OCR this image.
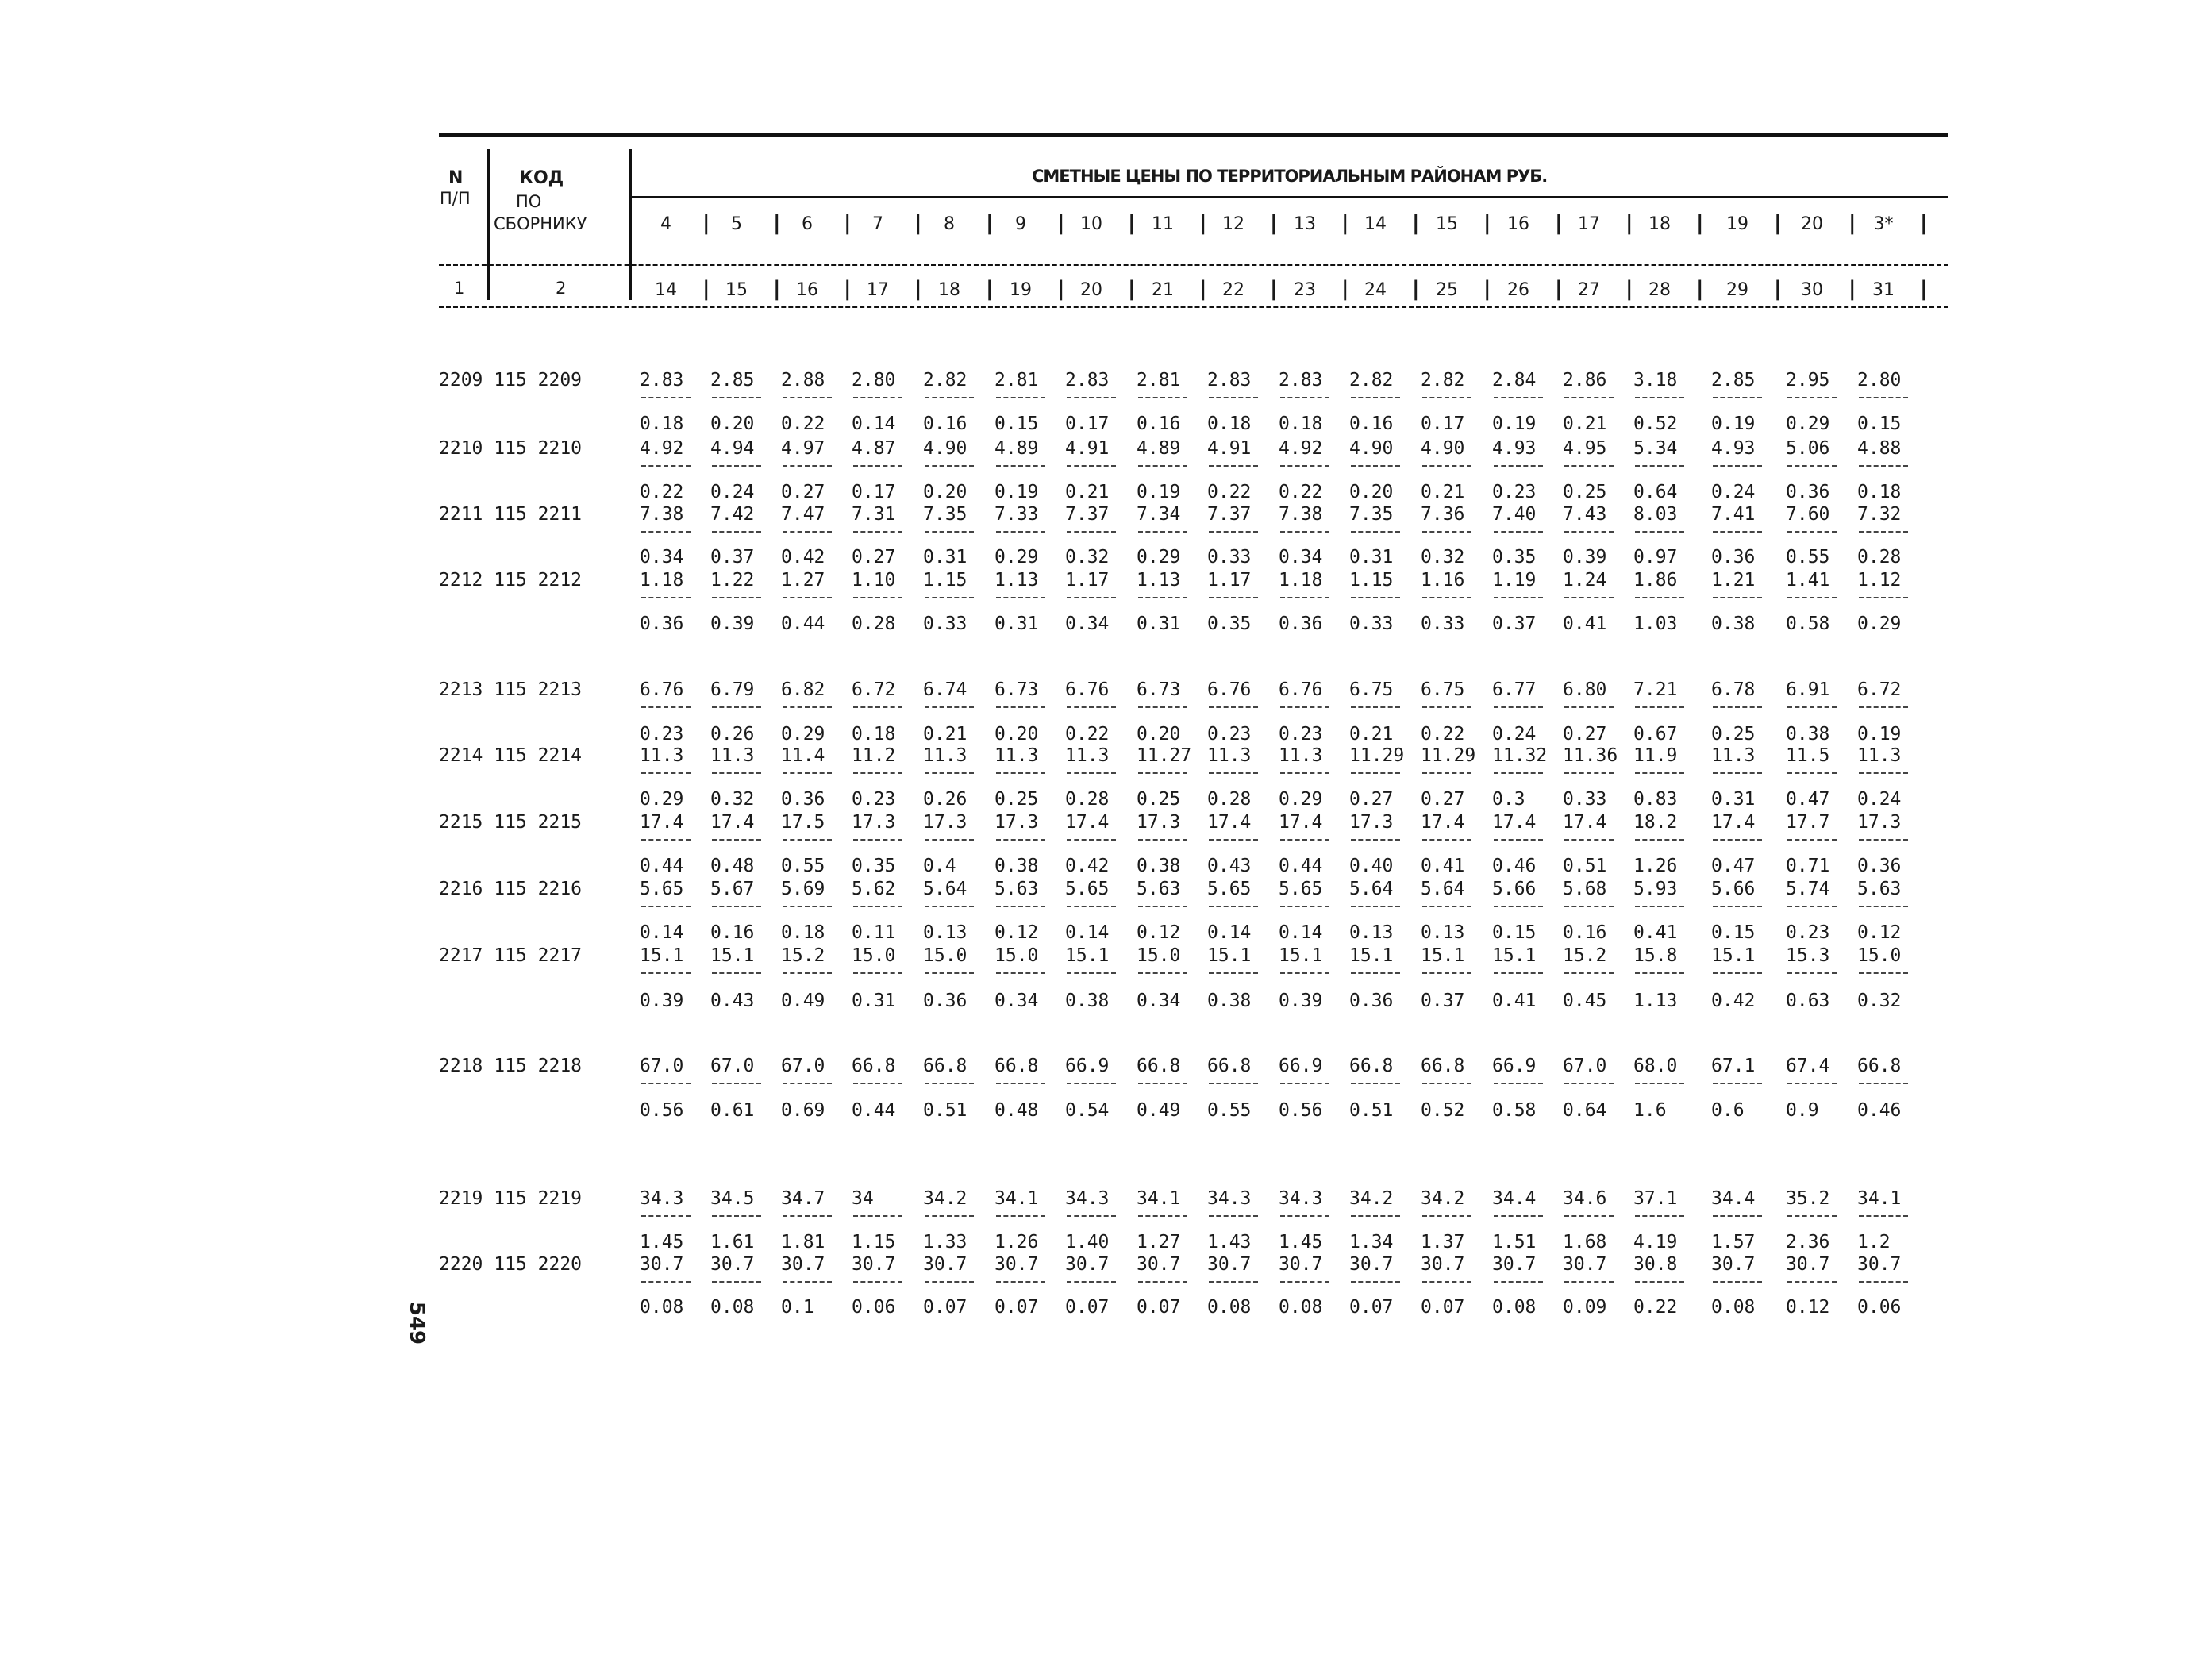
N
П/П
КОД
ПО
СБОРНИКУ
СМЕТНЫЕ ЦЕНЫ ПО ТЕРРИТОРИАЛЬНЫМ РАЙОНАМ РУБ.
4	|	5	|	6	|	7	|	8	|	9	| 10	| 11	| 12	| 13	| 14	| 15	| 16	| 17	| 18	|	19	|	20	|	3*	|
1	2	14	| 15	| 16	| 17	| 18	| 19	| 20	| 21	| 22	| 23	| 24	| 25	| 26	| 27	| 28	|	29	|	30	| 31	|
2209 115 2209	2.83	2.85	2.88	2.80	2.82	2.81	2.83	2.81	2.83	2.83	2.82	2.82	2.84	2.86	3.18	2.85	2.95	2.80
0.18	0.20	0.22	0.14	0.16	0.15	0.17	0.16	0.18	0.18	0.16	0.17	0.19	0.21	0.52	0.19	0.29	0.15
2210 115 2210	4.92	4.94	4.97	4.87	4.90	4.89	4.91	4.89	4.91	4.92	4.90	4.90	4.93	4.95	5.34	4.93	5.06	4.88
0.22	0.24	0.27	0.17	0.20	0.19	0.21	0.19	0.22	0.22	0.20	0.21	0.23	0.25	0.64	0.24	0.36	0.18
2211 115 2211	7.38	7.42	7.47	7.31	7.35	7.33	7.37	7.34	7.37	7.38	7.35	7.36	7.40	7.43	8.03	7.41	7.60	7.32
0.34	0.37	0.42	0.27	0.31	0.29	0.32	0.29	0.33	0.34	0.31	0.32	0.35	0.39	0.97	0.36	0.55	0.28
2212 115 2212	1.18	1.22	1.27	1.10	1.15	1.13	1.17	1.13	1.17	1.18	1.15	1.16	1.19	1.24	1.86	1.21	1.41	1.12
0.36	0.39	0.44	0.28	0.33	0.31	0.34	0.31	0.35	0.36	0.33	0.33	0.37	0.41	1.03	0.38	0.58	0.29
2213 115 2213	6.76	6.79	6.82	6.72	6.74	6.73	6.76	6.73	6.76	6.76	6.75	6.75	6.77	6.80	7.21	6.78	6.91	6.72
0.23	0.26	0.29	0.18	0.21	0.20	0.22	0.20	0.23	0.23	0.21	0.22	0.24	0.27	0.67	0.25	0.38	0.19
2214 115 2214	11.3	11.3	11.4	11.2	11.3	11.3	11.3	11.27 11.3	11.3	11.29 11.29 11.32 11.36 11.9	11.3	11.5	11.3
0.29	0.32	0.36	0.23	0.26	0.25	0.28	0.25	0.28	0.29	0.27	0.27	0.3	0.33	0.83	0.31	0.47	0.24
2215 115 2215	17.4	17.4	17.5	17.3	17.3	17.3	17.4	17.3	17.4	17.4	17.3	17.4	17.4	17.4	18.2	17.4	17.7	17.3
0.44	0.48	0.55	0.35	0.4	0.38	0.42	0.38	0.43	0.44	0.40	0.41	0.46	0.51	1.26	0.47	0.71	0.36
2216 115 2216	5.65	5.67	5.69	5.62	5.64	5.63	5.65	5.63	5.65	5.65	5.64	5.64	5.66	5.68	5.93	5.66	5.74	5.63
0.14	0.16	0.18	0.11	0.13	0.12	0.14	0.12	0.14	0.14	0.13	0.13	0.15	0.16	0.41	0.15	0.23	0.12
2217 115 2217	15.1	15.1	15.2	15.0	15.0	15.0	15.1	15.0	15.1	15.1	15.1	15.1	15.1	15.2	15.8	15.1	15.3	15.0
0.39	0.43	0.49	0.31	0.36	0.34	0.38	0.34	0.38	0.39	0.36	0.37	0.41	0.45	1.13	0.42	0.63	0.32
2218 115 2218	67.0	67.0	67.0	66.8	66.8	66.8	66.9	66.8	66.8	66.9	66.8	66.8	66.9	67.0	68.0	67.1	67.4	66.8
0.56	0.61	0.69	0.44	0.51	0.48	0.54	0.49	0.55	0.56	0.51	0.52	0.58	0.64	1.6	0.6	0.9	0.46
2219 115 2219	34.3	34.5	34.7	34	34.2	34.1	34.3	34.1	34.3	34.3	34.2	34.2	34.4	34.6	37.1	34.4	35.2	34.1
1.45	1.61	1.81	1.15	1.33	1.26	1.40	1.27	1.43	1.45	1.34	1.37	1.51	1.68	4.19	1.57	2.36	1.2
2220 115 2220	30.7	30.7	30.7	30.7	30.7	30.7	30.7	30.7	30.7	30.7	30.7	30.7	30.7	30.7	30.8	30.7	30.7	30.7
0.08	0.08	0.1	0.06	0.07	0.07	0.07	0.07	0.08	0.08	0.07	0.07	0.08	0.09	0.22	0.08	0.12	0.06
549
